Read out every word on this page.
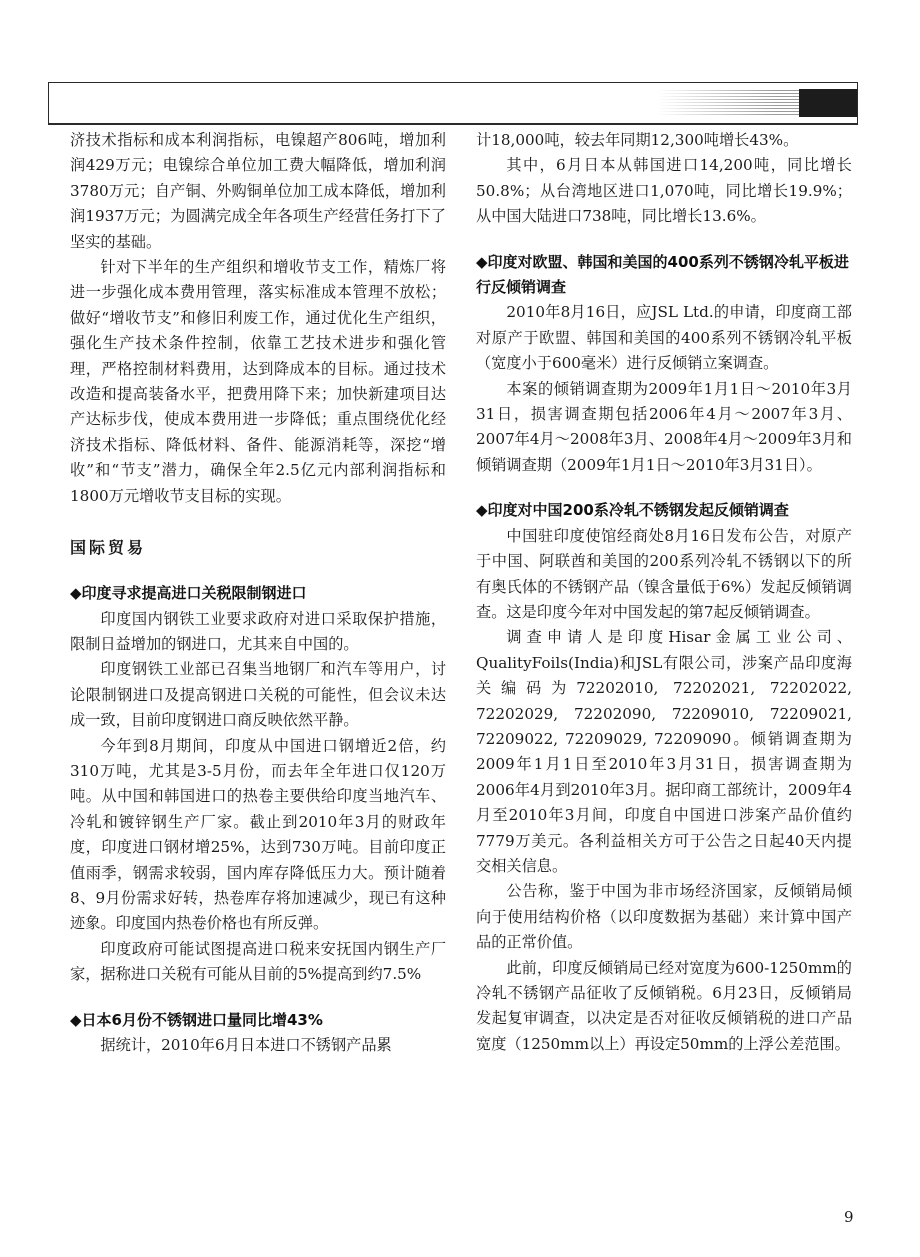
济技术指标和成本利润指标，电镍超产806吨，增加利润429万元；电镍综合单位加工费大幅降低，增加利润3780万元；自产铜、外购铜单位加工成本降低，增加利润1937万元；为圆满完成全年各项生产经营任务打下了坚实的基础。

针对下半年的生产组织和增收节支工作，精炼厂将进一步强化成本费用管理，落实标准成本管理不放松；做好“增收节支”和修旧利废工作，通过优化生产组织，强化生产技术条件控制，依靠工艺技术进步和强化管理，严格控制材料费用，达到降成本的目标。通过技术改造和提高装备水平，把费用降下来；加快新建项目达产达标步伐，使成本费用进一步降低；重点围绕优化经济技术指标、降低材料、备件、能源消耗等，深挖“增收”和“节支”潜力，确保全年2.5亿元内部利润指标和1800万元增收节支目标的实现。

国际贸易
◆印度寻求提高进口关税限制钢进口

印度国内钢铁工业要求政府对进口采取保护措施，限制日益增加的钢进口，尤其来自中国的。

印度钢铁工业部已召集当地钢厂和汽车等用户，讨论限制钢进口及提高钢进口关税的可能性，但会议未达成一致，目前印度钢进口商反映依然平静。

今年到8月期间，印度从中国进口钢增近2倍，约310万吨，尤其是3-5月份，而去年全年进口仅120万吨。从中国和韩国进口的热卷主要供给印度当地汽车、冷轧和镀锌钢生产厂家。截止到2010年3月的财政年度，印度进口钢材增25%，达到730万吨。目前印度正值雨季，钢需求较弱，国内库存降低压力大。预计随着8、9月份需求好转，热卷库存将加速减少，现已有这种迹象。印度国内热卷价格也有所反弹。

印度政府可能试图提高进口税来安抚国内钢生产厂家，据称进口关税有可能从目前的5%提高到约7.5%

◆日本6月份不锈钢进口量同比增43%

据统计，2010年6月日本进口不锈钢产品累

计18,000吨，较去年同期12,300吨增长43%。

其中，6月日本从韩国进口14,200吨，同比增长50.8%；从台湾地区进口1,070吨，同比增长19.9%；从中国大陆进口738吨，同比增长13.6%。

◆印度对欧盟、韩国和美国的400系列不锈钢冷轧平板进行反倾销调查

2010年8月16日，应JSL Ltd.的申请，印度商工部对原产于欧盟、韩国和美国的400系列不锈钢冷轧平板（宽度小于600毫米）进行反倾销立案调查。

本案的倾销调查期为2009年1月1日～2010年3月31日，损害调查期包括2006年4月～2007年3月、2007年4月～2008年3月、2008年4月～2009年3月和倾销调查期（2009年1月1日～2010年3月31日）。

◆印度对中国200系冷轧不锈钢发起反倾销调查

中国驻印度使馆经商处8月16日发布公告，对原产于中国、阿联酋和美国的200系列冷轧不锈钢以下的所有奥氏体的不锈钢产品（镍含量低于6%）发起反倾销调查。这是印度今年对中国发起的第7起反倾销调查。

调查申请人是印度Hisar金属工业公司、QualityFoils(India)和JSL有限公司，涉案产品印度海关编码为72202010, 72202021, 72202022, 72202029, 72202090, 72209010, 72209021, 72209022, 72209029, 72209090。倾销调查期为2009年1月1日至2010年3月31日，损害调查期为2006年4月到2010年3月。据印商工部统计，2009年4月至2010年3月间，印度自中国进口涉案产品价值约7779万美元。各利益相关方可于公告之日起40天内提交相关信息。

公告称，鉴于中国为非市场经济国家，反倾销局倾向于使用结构价格（以印度数据为基础）来计算中国产品的正常价值。

此前，印度反倾销局已经对宽度为600-1250mm的冷轧不锈钢产品征收了反倾销税。6月23日，反倾销局发起复审调查，以决定是否对征收反倾销税的进口产品宽度（1250mm以上）再设定50mm的上浮公差范围。

9
